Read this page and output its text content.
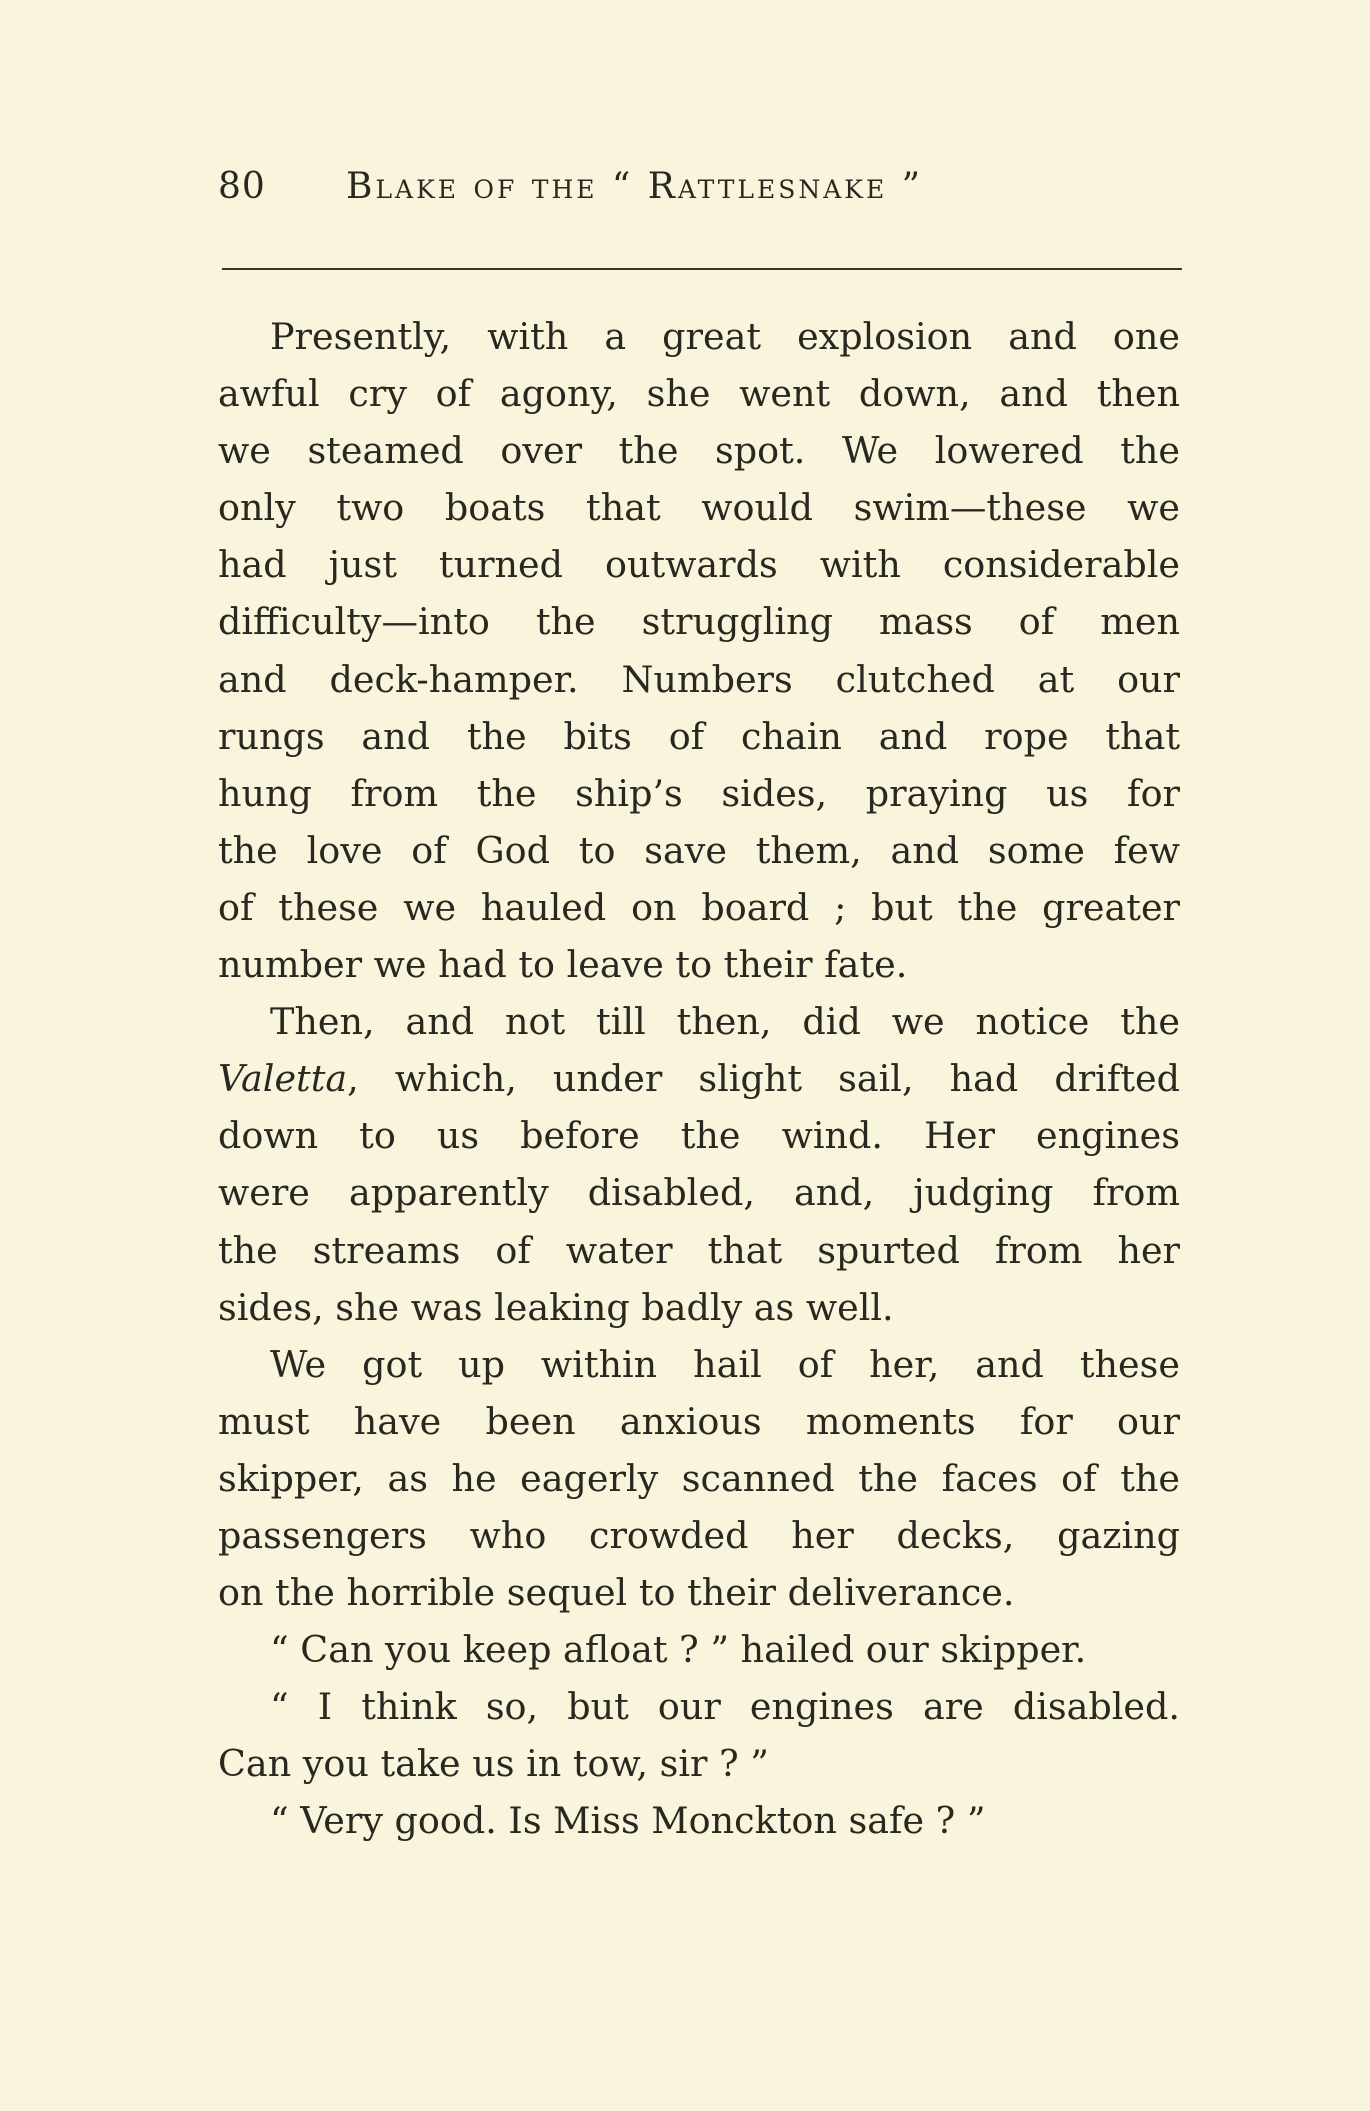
80 Blake of the “ Rattlesnake ”
Presently, with a great explosion and one
awful cry of agony, she went down, and then
we steamed over the spot. We lowered the
only two boats that would swim—these we
had just turned outwards with considerable
difficulty—into the struggling mass of men
and deck-hamper. Numbers clutched at our
rungs and the bits of chain and rope that
hung from the ship’s sides, praying us for
the love of God to save them, and some few
of these we hauled on board ; but the greater
number we had to leave to their fate.
Then, and not till then, did we notice the
Valetta, which, under slight sail, had drifted
down to us before the wind. Her engines
were apparently disabled, and, judging from
the streams of water that spurted from her
sides, she was leaking badly as well.
We got up within hail of her, and these
must have been anxious moments for our
skipper, as he eagerly scanned the faces of the
passengers who crowded her decks, gazing
on the horrible sequel to their deliverance.
“ Can you keep afloat ? ” hailed our skipper.
“ I think so, but our engines are disabled.
Can you take us in tow, sir ? ”
“ Very good. Is Miss Monckton safe ? ”
